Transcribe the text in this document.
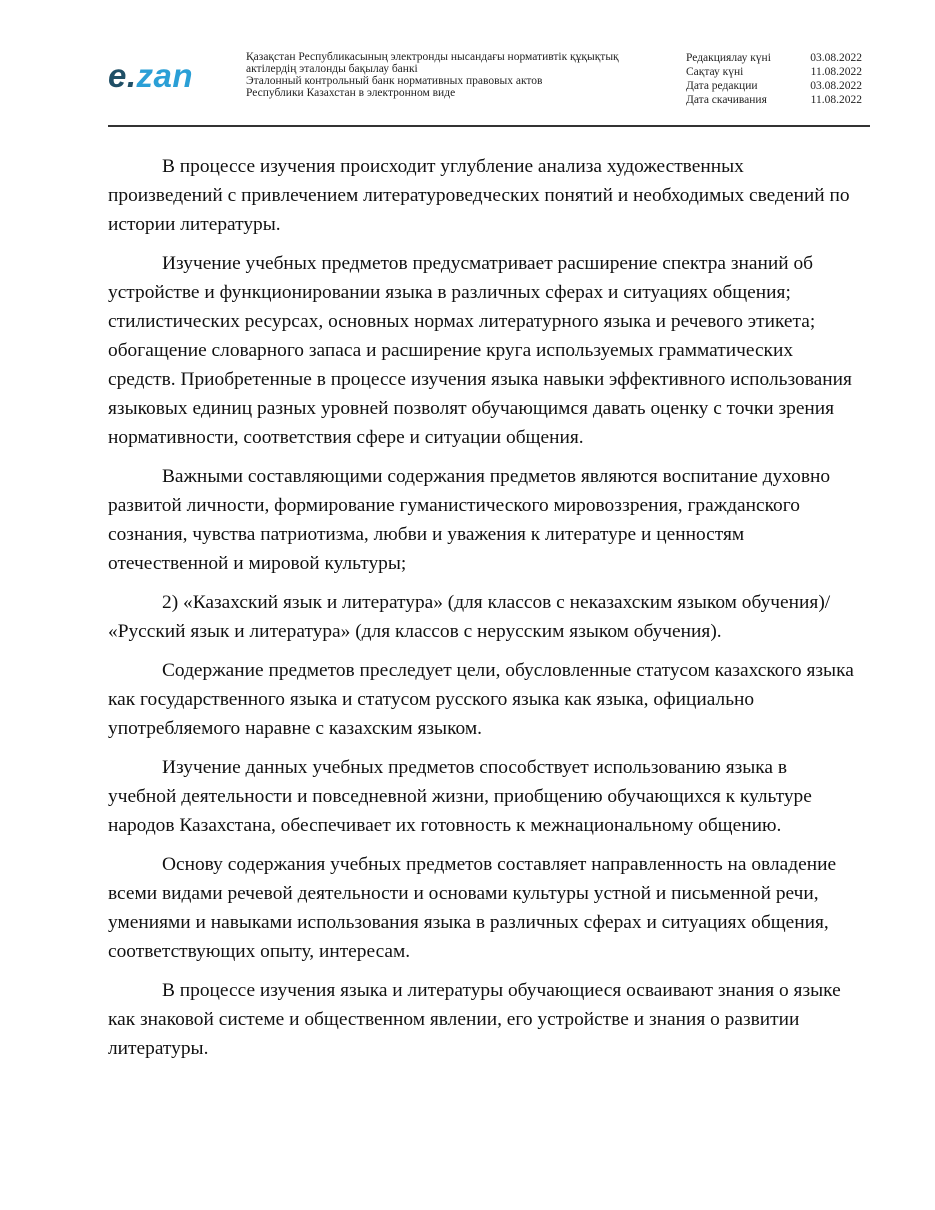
e.zan	Қазақстан Республикасының электронды нысандағы нормативтік құқықтық
актілердің эталонды бақылау банкі
Эталонный контрольный банк нормативных правовых актов
Республики Казахстан в электронном виде
Редакциялау күні	03.08.2022
Сақтау күні	11.08.2022
Дата редакции	03.08.2022
Дата скачивания	11.08.2022

В процессе изучения происходит углубление анализа художественных произведений с привлечением литературоведческих понятий и необходимых сведений по истории литературы.

Изучение учебных предметов предусматривает расширение спектра знаний об устройстве и функционировании языка в различных сферах и ситуациях общения; стилистических ресурсах, основных нормах литературного языка и речевого этикета; обогащение словарного запаса и расширение круга используемых грамматических средств. Приобретенные в процессе изучения языка навыки эффективного использования языковых единиц разных уровней позволят обучающимся давать оценку с точки зрения нормативности, соответствия сфере и ситуации общения.

Важными составляющими содержания предметов являются воспитание духовно развитой личности, формирование гуманистического мировоззрения, гражданского сознания, чувства патриотизма, любви и уважения к литературе и ценностям отечественной и мировой культуры;

2) «Казахский язык и литература» (для классов с неказахским языком обучения)/ «Русский язык и литература» (для классов с нерусским языком обучения).

Содержание предметов преследует цели, обусловленные статусом казахского языка как государственного языка и статусом русского языка как языка, официально употребляемого наравне с казахским языком.

Изучение данных учебных предметов способствует использованию языка в учебной деятельности и повседневной жизни, приобщению обучающихся к культуре народов Казахстана, обеспечивает их готовность к межнациональному общению.

Основу содержания учебных предметов составляет направленность на овладение всеми видами речевой деятельности и основами культуры устной и письменной речи, умениями и навыками использования языка в различных сферах и ситуациях общения, соответствующих опыту, интересам.

В процессе изучения языка и литературы обучающиеся осваивают знания о языке как знаковой системе и общественном явлении, его устройстве и знания о развитии литературы.
